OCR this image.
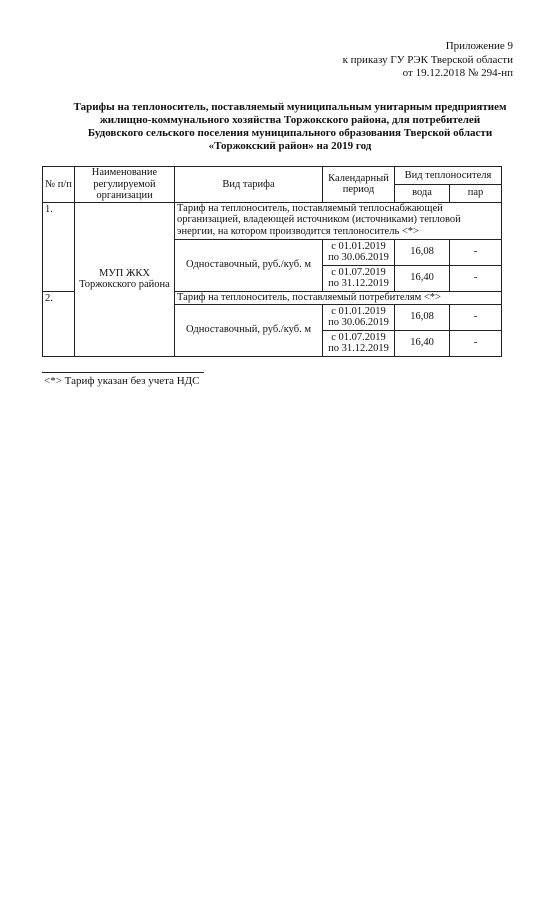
Приложение 9
к приказу ГУ РЭК Тверской области
от 19.12.2018 № 294-нп
Тарифы на теплоноситель, поставляемый муниципальным унитарным предприятием
жилищно-коммунального хозяйства Торжокского района, для потребителей
Будовского сельского поселения муниципального образования Тверской области
«Торжокский район» на 2019 год
№ п/п	Наименование регулируемой организации	Вид тарифа	Календарный период	Вид теплоносителя	
				вода	пар
1.	МУП ЖКХ Торжокского района	Тариф на теплоноситель, поставляемый теплоснабжающей организацией, владеющей источником (источниками) тепловой энергии, на котором производится теплоноситель <*>			
		Одноставочный, руб./куб. м	с 01.01.2019
по 30.06.2019	16,08	-

			с 01.07.2019
по 31.12.2019	16,40	-
2.		Тариф на теплоноситель, поставляемый потребителям <*>			
		Одноставочный, руб./куб. м	с 01.01.2019
по 30.06.2019	16,08	-

			с 01.07.2019
по 31.12.2019	16,40	-
<*> Тариф указан без учета НДС
